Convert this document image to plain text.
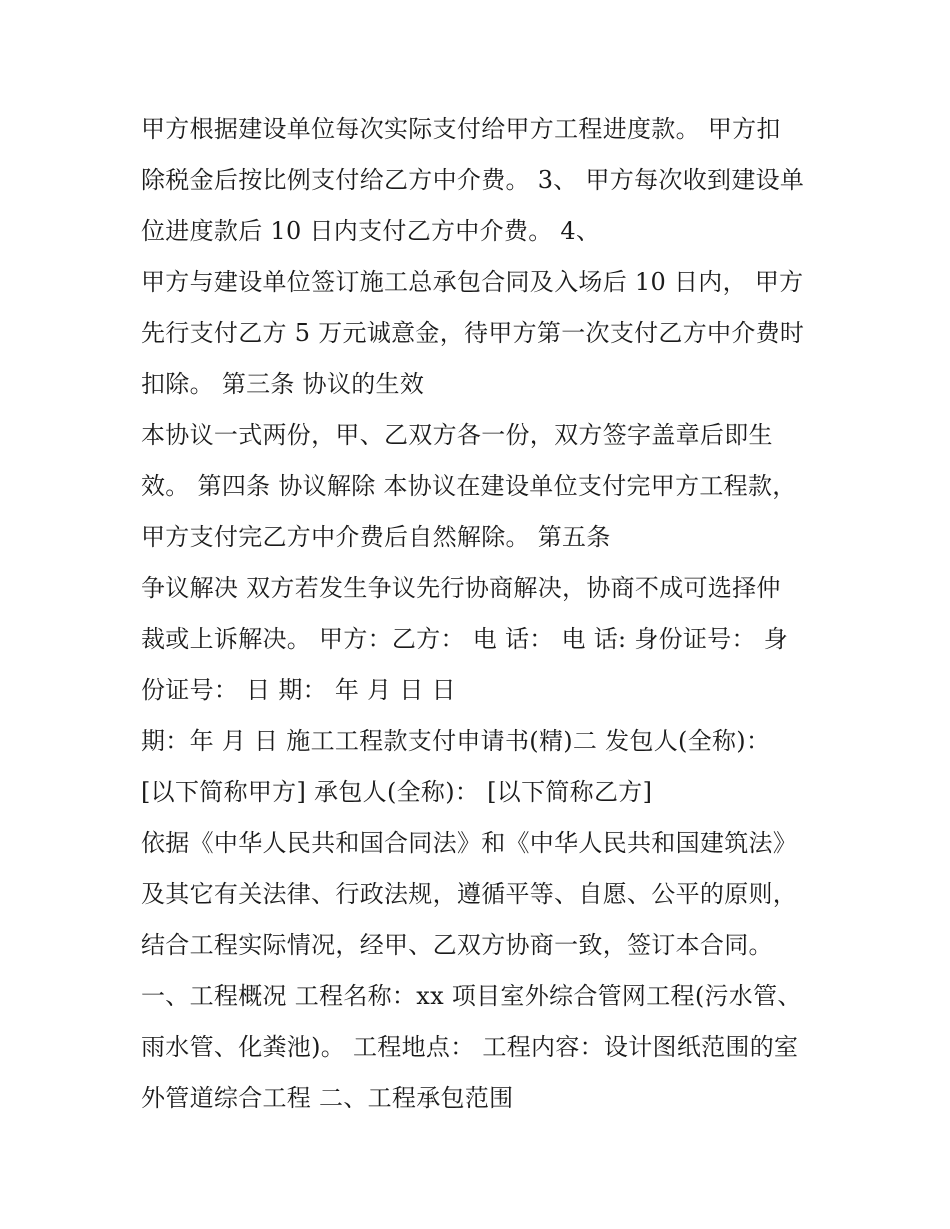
甲方根据建设单位每次实际支付给甲方工程进度款。 甲方扣
除税金后按比例支付给乙方中介费。 3、 甲方每次收到建设单
位进度款后 10 日内支付乙方中介费。 4、
甲方与建设单位签订施工总承包合同及入场后 10 日内， 甲方
先行支付乙方 5 万元诚意金，待甲方第一次支付乙方中介费时
扣除。 第三条 协议的生效
本协议一式两份，甲、乙双方各一份，双方签字盖章后即生
效。 第四条 协议解除 本协议在建设单位支付完甲方工程款，
甲方支付完乙方中介费后自然解除。 第五条
争议解决 双方若发生争议先行协商解决，协商不成可选择仲
裁或上诉解决。 甲方：乙方： 电 话： 电 话: 身份证号： 身
份证号： 日 期： 年 月 日 日
期：年 月 日 施工工程款支付申请书(精)二 发包人(全称)：
[以下简称甲方] 承包人(全称)： [以下简称乙方]
依据《中华人民共和国合同法》和《中华人民共和国建筑法》
及其它有关法律、行政法规，遵循平等、自愿、公平的原则，
结合工程实际情况，经甲、乙双方协商一致，签订本合同。
一、工程概况 工程名称：xx 项目室外综合管网工程(污水管、
雨水管、化粪池)。 工程地点： 工程内容：设计图纸范围的室
外管道综合工程 二、工程承包范围
